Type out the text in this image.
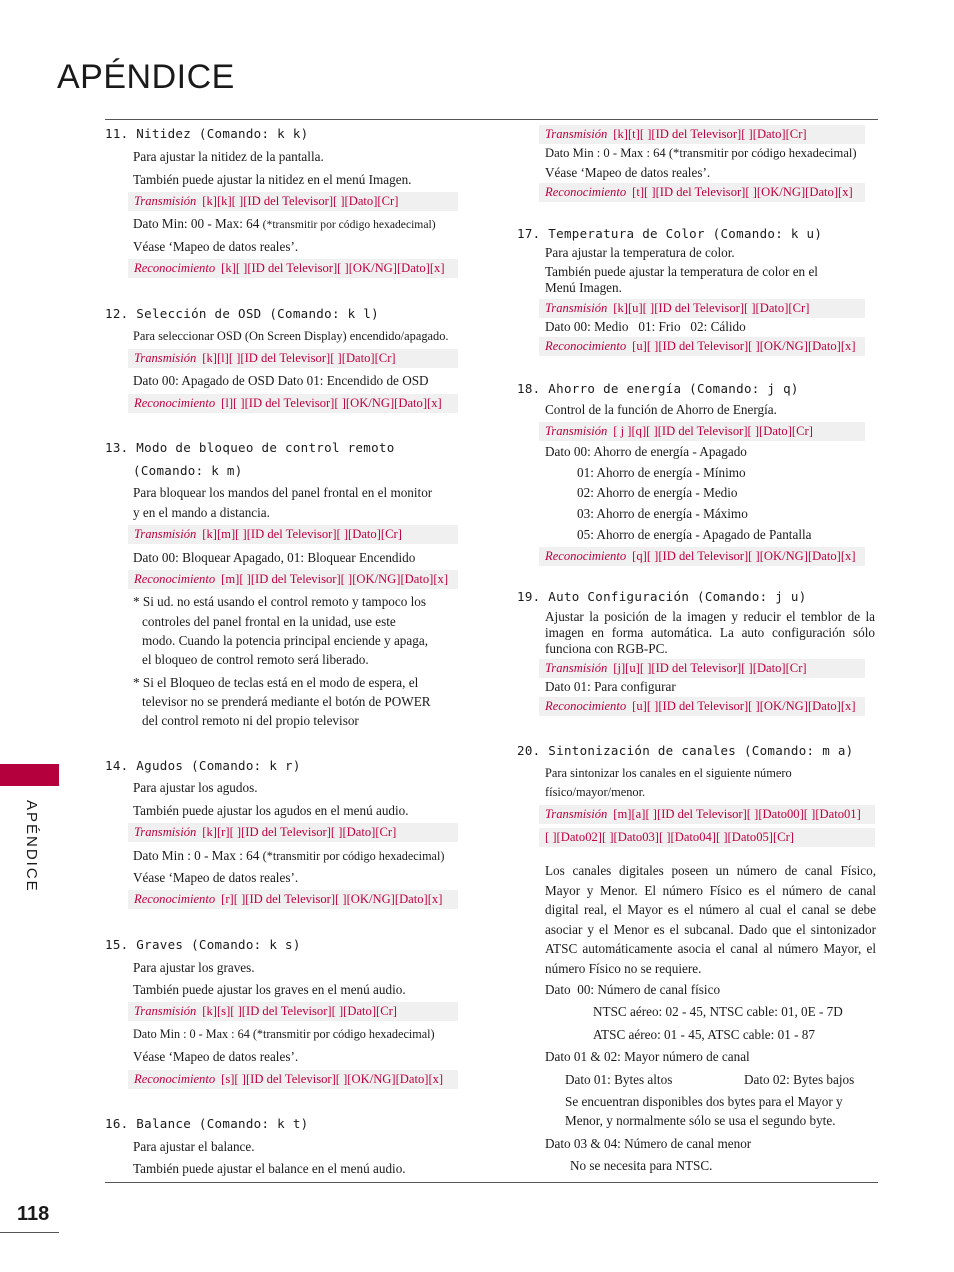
APÉNDICE
APÉNDICE
11. Nitidez (Comando: k k)
Para ajustar la nitidez de la pantalla.
También puede ajustar la nitidez en el menú Imagen.
Transmisión [k][k][ ][ID del Televisor][ ][Dato][Cr]
Dato Min: 00 - Max: 64 (*transmitir por código hexadecimal)
Véase ‘Mapeo de datos reales’.
Reconocimiento [k][ ][ID del Televisor][ ][OK/NG][Dato][x]
12. Selección de OSD (Comando: k l)
Para seleccionar OSD (On Screen Display) encendido/apagado.
Transmisión [k][l][ ][ID del Televisor][ ][Dato][Cr]
Dato 00: Apagado de OSD Dato 01: Encendido de OSD
Reconocimiento [l][ ][ID del Televisor][ ][OK/NG][Dato][x]
13. Modo de bloqueo de control remoto
(Comando: k m)
Para bloquear los mandos del panel frontal en el monitor
y en el mando a distancia.
Transmisión [k][m][ ][ID del Televisor][ ][Dato][Cr]
Dato 00: Bloquear Apagado, 01: Bloquear Encendido
Reconocimiento [m][ ][ID del Televisor][ ][OK/NG][Dato][x]
* Si ud. no está usando el control remoto y tampoco los
controles del panel frontal en la unidad, use este
modo. Cuando la potencia principal enciende y apaga,
el bloqueo de control remoto será liberado.
* Si el Bloqueo de teclas está en el modo de espera, el
televisor no se prenderá mediante el botón de POWER
del control remoto ni del propio televisor
14. Agudos (Comando: k r)
Para ajustar los agudos.
También puede ajustar los agudos en el menú audio.
Transmisión [k][r][ ][ID del Televisor][ ][Dato][Cr]
Dato Min : 0 - Max : 64 (*transmitir por código hexadecimal)
Véase ‘Mapeo de datos reales’.
Reconocimiento [r][ ][ID del Televisor][ ][OK/NG][Dato][x]
15. Graves (Comando: k s)
Para ajustar los graves.
También puede ajustar los graves en el menú audio.
Transmisión [k][s][ ][ID del Televisor][ ][Dato][Cr]
Dato Min : 0 - Max : 64 (*transmitir por código hexadecimal)
Véase ‘Mapeo de datos reales’.
Reconocimiento [s][ ][ID del Televisor][ ][OK/NG][Dato][x]
16. Balance (Comando: k t)
Para ajustar el balance.
También puede ajustar el balance en el menú audio.
Transmisión [k][t][ ][ID del Televisor][ ][Dato][Cr]
Dato Min : 0 - Max : 64 (*transmitir por código hexadecimal)
Véase ‘Mapeo de datos reales’.
Reconocimiento [t][ ][ID del Televisor][ ][OK/NG][Dato][x]
17. Temperatura de Color (Comando: k u)
Para ajustar la temperatura de color.
También puede ajustar la temperatura de color en el
Menú Imagen.
Transmisión [k][u][ ][ID del Televisor][ ][Dato][Cr]
Dato 00: Medio   01: Frio   02: Cálido
Reconocimiento [u][ ][ID del Televisor][ ][OK/NG][Dato][x]
18. Ahorro de energía (Comando: j q)
Control de la función de Ahorro de Energía.
Transmisión [ j ][q][ ][ID del Televisor][ ][Dato][Cr]
Dato 00: Ahorro de energía - Apagado
01: Ahorro de energía - Mínimo
02: Ahorro de energía - Medio
03: Ahorro de energía - Máximo
05: Ahorro de energía - Apagado de Pantalla
Reconocimiento [q][ ][ID del Televisor][ ][OK/NG][Dato][x]
19. Auto Configuración (Comando: j u)
Ajustar la posición de la imagen y reducir el temblor de la imagen en forma automática. La auto configuración sólo funciona con RGB-PC.
Transmisión [j][u][ ][ID del Televisor][ ][Dato][Cr]
Dato 01: Para configurar
Reconocimiento [u][ ][ID del Televisor][ ][OK/NG][Dato][x]
20. Sintonización de canales (Comando: m a)
Para sintonizar los canales en el siguiente número
físico/mayor/menor.
Transmisión [m][a][ ][ID del Televisor][ ][Dato00][ ][Dato01]
[ ][Dato02][ ][Dato03][ ][Dato04][ ][Dato05][Cr]
Los canales digitales poseen un número de canal Físico, Mayor y Menor. El número Físico es el número de canal digital real, el Mayor es el número al cual el canal se debe asociar y el Menor es el subcanal. Dado que el sintonizador ATSC automáticamente asocia el canal al número Mayor, el número Físico no se requiere.
Dato  00: Número de canal físico
NTSC aéreo: 02 - 45, NTSC cable: 01, 0E - 7D
ATSC aéreo: 01 - 45, ATSC cable: 01 - 87
Dato 01 & 02: Mayor número de canal
Dato 01: Bytes altos	Dato 02: Bytes bajos
Se encuentran disponibles dos bytes para el Mayor y
Menor, y normalmente sólo se usa el segundo byte.
Dato 03 & 04: Número de canal menor
No se necesita para NTSC.
118
